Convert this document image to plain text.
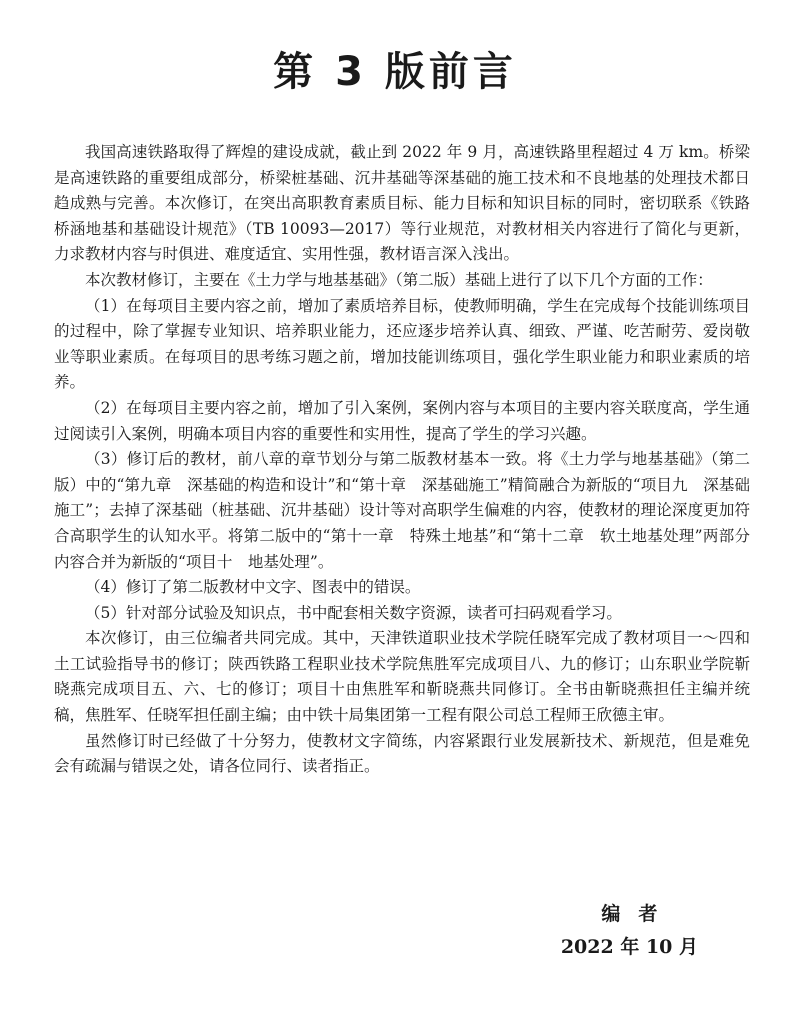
第 3 版前言

我国高速铁路取得了辉煌的建设成就，截止到 2022 年 9 月，高速铁路里程超过 4 万 km。桥梁是高速铁路的重要组成部分，桥梁桩基础、沉井基础等深基础的施工技术和不良地基的处理技术都日趋成熟与完善。本次修订，在突出高职教育素质目标、能力目标和知识目标的同时，密切联系《铁路桥涵地基和基础设计规范》（TB 10093—2017）等行业规范，对教材相关内容进行了简化与更新，力求教材内容与时俱进、难度适宜、实用性强，教材语言深入浅出。

本次教材修订，主要在《土力学与地基基础》（第二版）基础上进行了以下几个方面的工作：

（1）在每项目主要内容之前，增加了素质培养目标，使教师明确，学生在完成每个技能训练项目的过程中，除了掌握专业知识、培养职业能力，还应逐步培养认真、细致、严谨、吃苦耐劳、爱岗敬业等职业素质。在每项目的思考练习题之前，增加技能训练项目，强化学生职业能力和职业素质的培养。

（2）在每项目主要内容之前，增加了引入案例，案例内容与本项目的主要内容关联度高，学生通过阅读引入案例，明确本项目内容的重要性和实用性，提高了学生的学习兴趣。

（3）修订后的教材，前八章的章节划分与第二版教材基本一致。将《土力学与地基基础》（第二版）中的“第九章　深基础的构造和设计”和“第十章　深基础施工”精简融合为新版的“项目九　深基础施工”；去掉了深基础（桩基础、沉井基础）设计等对高职学生偏难的内容，使教材的理论深度更加符合高职学生的认知水平。将第二版中的“第十一章　特殊土地基”和“第十二章　软土地基处理”两部分内容合并为新版的“项目十　地基处理”。

（4）修订了第二版教材中文字、图表中的错误。

（5）针对部分试验及知识点，书中配套相关数字资源，读者可扫码观看学习。

本次修订，由三位编者共同完成。其中，天津铁道职业技术学院任晓军完成了教材项目一～四和土工试验指导书的修订；陕西铁路工程职业技术学院焦胜军完成项目八、九的修订；山东职业学院靳晓燕完成项目五、六、七的修订；项目十由焦胜军和靳晓燕共同修订。全书由靳晓燕担任主编并统稿，焦胜军、任晓军担任副主编；由中铁十局集团第一工程有限公司总工程师王欣德主审。

虽然修订时已经做了十分努力，使教材文字简练，内容紧跟行业发展新技术、新规范，但是难免会有疏漏与错误之处，请各位同行、读者指正。

编者
2022 年 10 月
